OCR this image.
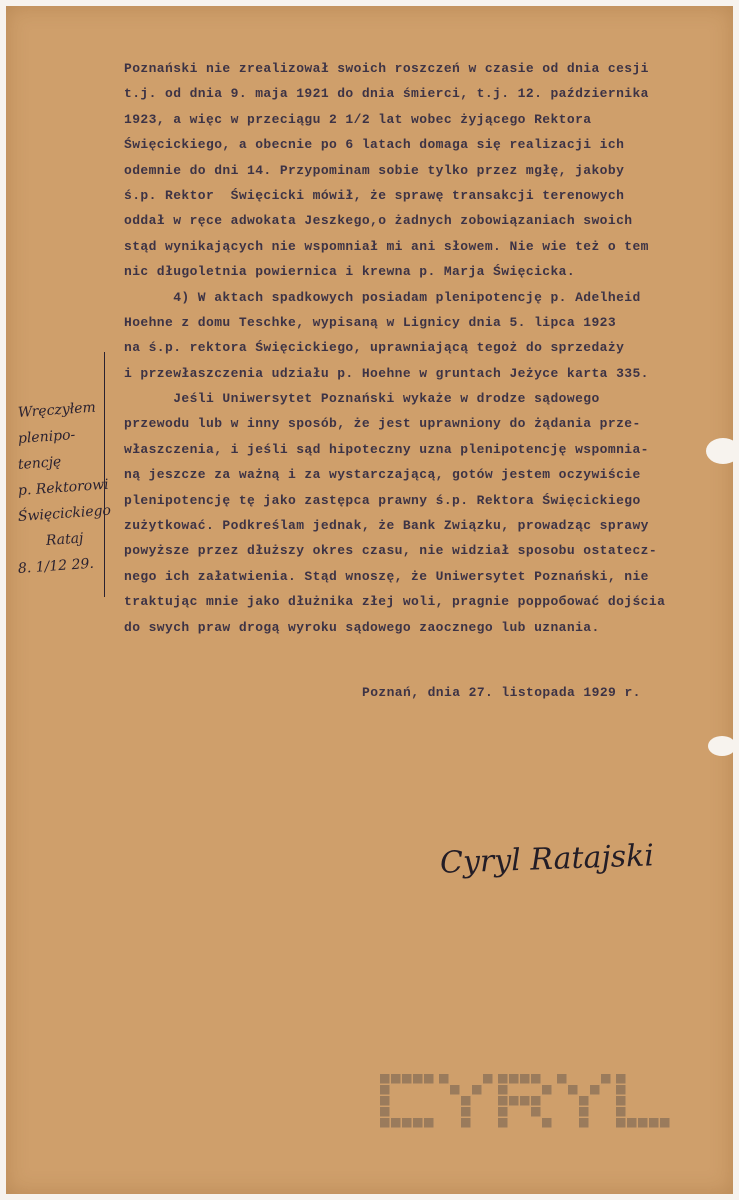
Poznański nie zrealizował swoich roszczeń w czasie od dnia cesji
t.j. od dnia 9. maja 1921 do dnia śmierci, t.j. 12. października
1923, a więc w przeciągu 2 1/2 lat wobec żyjącego Rektora
Święcickiego, a obecnie po 6 latach domaga się realizacji ich
odemnie do dni 14. Przypominam sobie tylko przez mgłę, jakoby
ś.p. Rektor  Święcicki mówił, że sprawę transakcji terenowych
oddał w ręce adwokata Jeszkego,o żadnych zobowiązaniach swoich
stąd wynikających nie wspomniał mi ani słowem. Nie wie też o tem
nic długoletnia powiernica i krewna p. Marja Święcicka.
4) W aktach spadkowych posiadam plenipotencję p. Adelheid
Hoehne z domu Teschke, wypisaną w Lignicy dnia 5. lipca 1923
na ś.p. rektora Święcickiego, uprawniającą tegoż do sprzedaży
i przewłaszczenia udziału p. Hoehne w gruntach Jeżyce karta 335.
Jeśli Uniwersytet Poznański wykaże w drodze sądowego
przewodu lub w inny sposób, że jest uprawniony do żądania prze-
właszczenia, i jeśli sąd hipoteczny uzna plenipotencję wspomnia-
ną jeszcze za ważną i za wystarczającą, gotów jestem oczywiście
plenipotencję tę jako zastępca prawny ś.p. Rektora Święcickiego
zużytkować. Podkreślam jednak, że Bank Związku, prowadząc sprawy
powyższe przez dłuższy okres czasu, nie widział sposobu ostatecz-
nego ich załatwienia. Stąd wnoszę, że Uniwersytet Poznański, nie
traktując mnie jako dłużnika złej woli, pragnie popробować dojścia
do swych praw drogą wyroku sądowego zaocznego lub uznania.
Poznań, dnia 27. listopada 1929 r.
Wręczyłem
plenipo-
tencję
p. Rektorowi
Święcickiego
Rataj
8. 1/12 29.
Cyryl Ratajski
